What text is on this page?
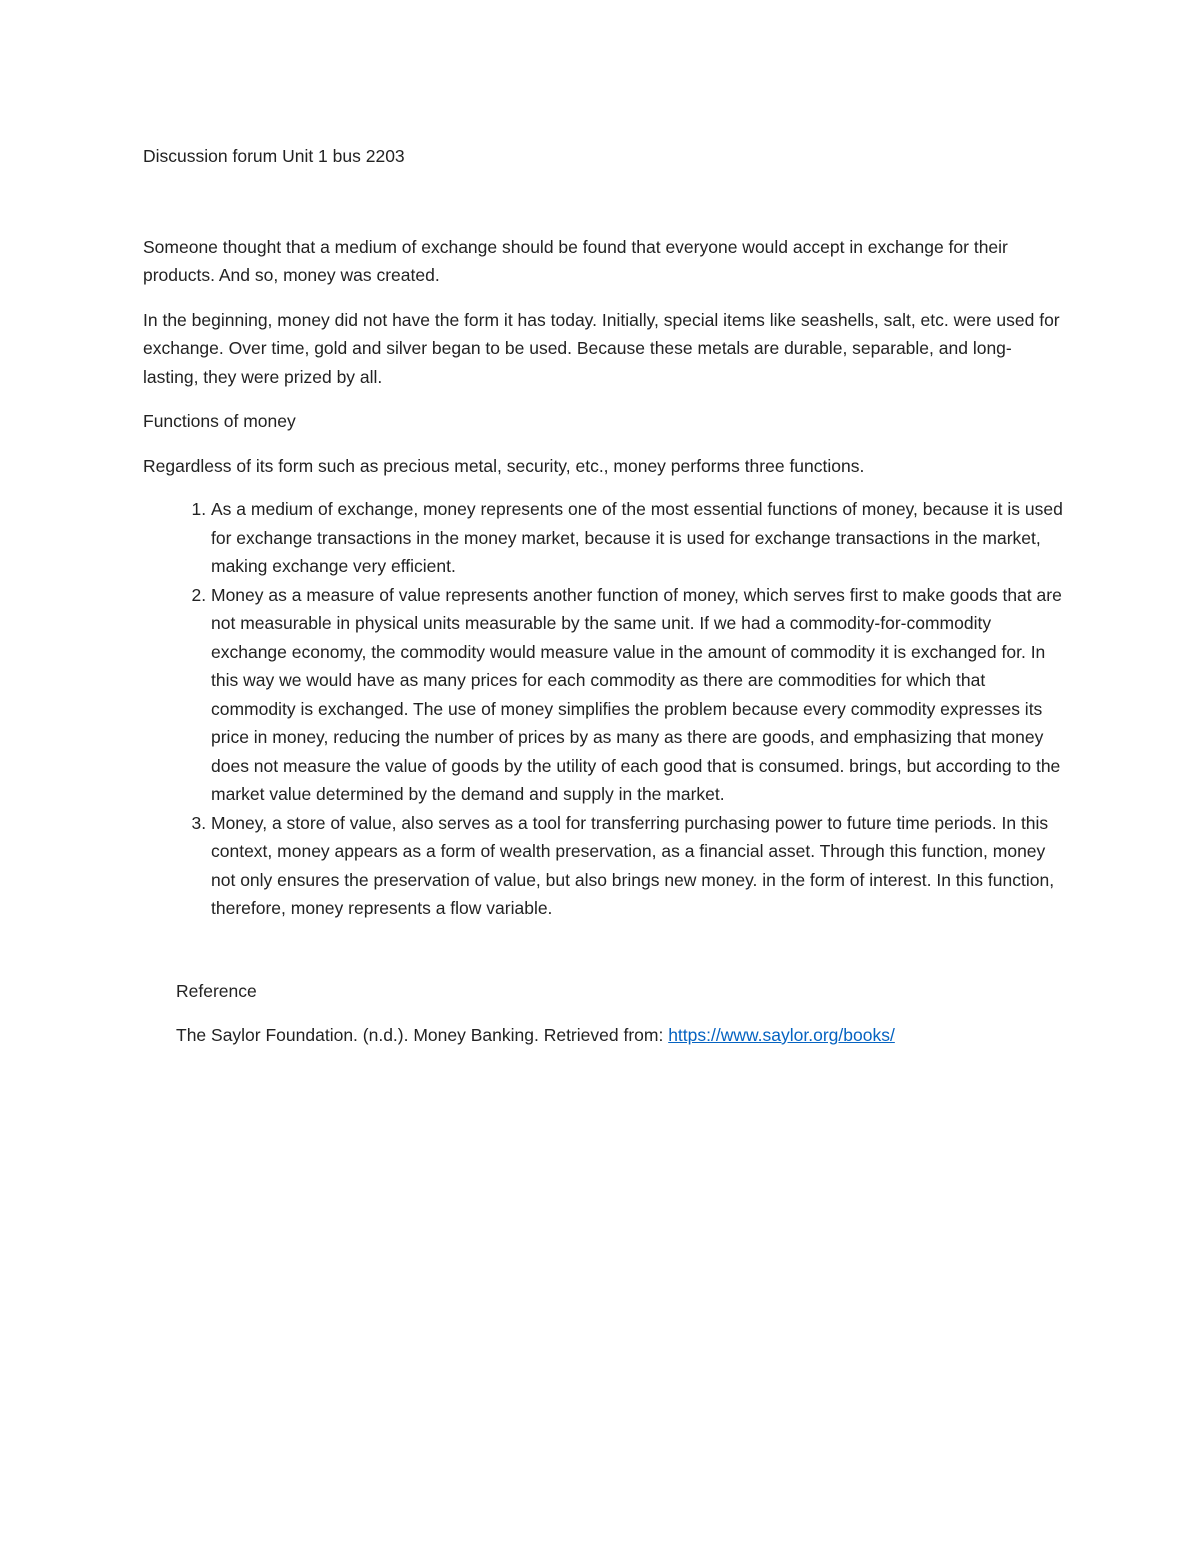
Discussion forum Unit 1 bus 2203

Someone thought that a medium of exchange should be found that everyone would accept in exchange for their products. And so, money was created.

In the beginning, money did not have the form it has today. Initially, special items like seashells, salt, etc. were used for exchange. Over time, gold and silver began to be used. Because these metals are durable, separable, and long-lasting, they were prized by all.

Functions of money

Regardless of its form such as precious metal, security, etc., money performs three functions.

1. As a medium of exchange, money represents one of the most essential functions of money, because it is used for exchange transactions in the money market, because it is used for exchange transactions in the market, making exchange very efficient.
2. Money as a measure of value represents another function of money, which serves first to make goods that are not measurable in physical units measurable by the same unit. If we had a commodity-for-commodity exchange economy, the commodity would measure value in the amount of commodity it is exchanged for. In this way we would have as many prices for each commodity as there are commodities for which that commodity is exchanged. The use of money simplifies the problem because every commodity expresses its price in money, reducing the number of prices by as many as there are goods, and emphasizing that money does not measure the value of goods by the utility of each good that is consumed. brings, but according to the market value determined by the demand and supply in the market.
3. Money, a store of value, also serves as a tool for transferring purchasing power to future time periods. In this context, money appears as a form of wealth preservation, as a financial asset. Through this function, money not only ensures the preservation of value, but also brings new money. in the form of interest. In this function, therefore, money represents a flow variable.

Reference

The Saylor Foundation. (n.d.). Money Banking. Retrieved from: https://www.saylor.org/books/
